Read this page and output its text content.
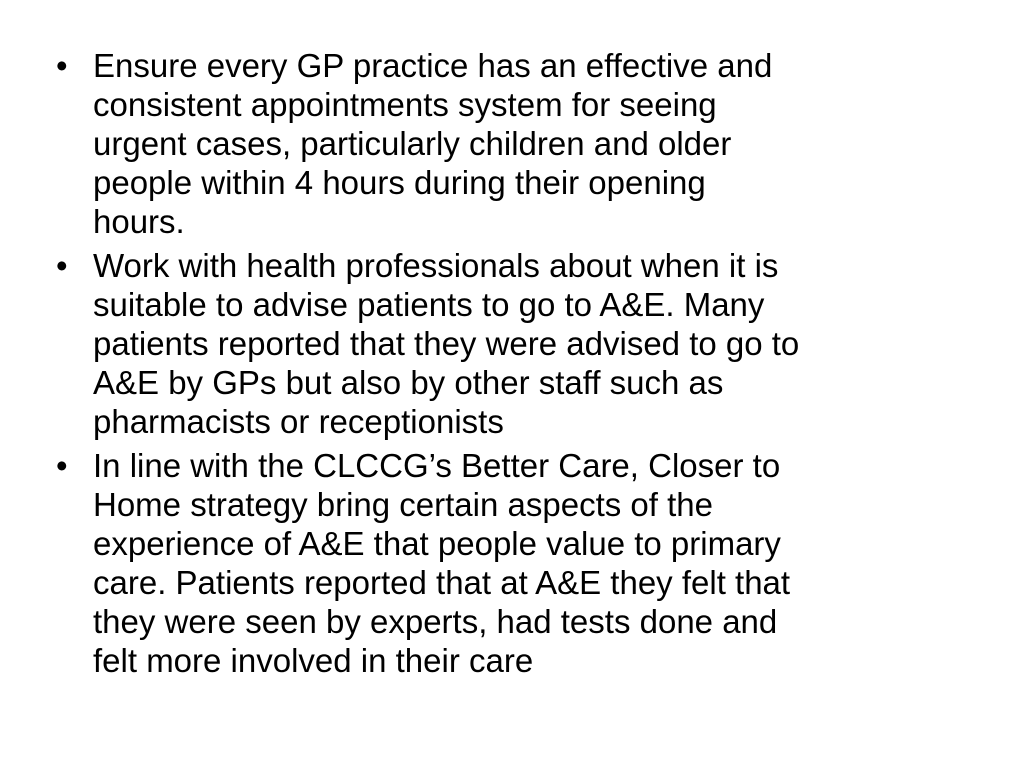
• Ensure every GP practice has an effective and
consistent appointments system for seeing
urgent cases, particularly children and older
people within 4 hours during their opening
hours.
• Work with health professionals about when it is
suitable to advise patients to go to A&E. Many
patients reported that they were advised to go to
A&E by GPs but also by other staff such as
pharmacists or receptionists
• In line with the CLCCG’s Better Care, Closer to
Home strategy bring certain aspects of the
experience of A&E that people value to primary
care. Patients reported that at A&E they felt that
they were seen by experts, had tests done and
felt more involved in their care
